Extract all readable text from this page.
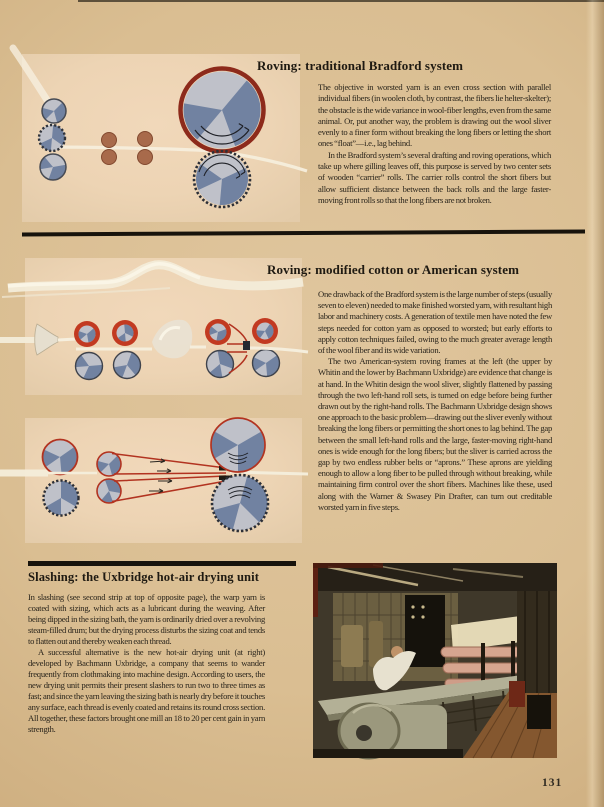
Roving: traditional Bradford system

The objective in worsted yarn is an even cross section with parallel individual fibers (in woolen cloth, by contrast, the fibers lie helter-skelter); the obstacle is the wide variance in wool-fiber lengths, even from the same animal. Or, put another way, the problem is drawing out the wool sliver evenly to a finer form without breaking the long fibers or letting the short ones “float”—i.e., lag behind.

In the Bradford system’s several drafting and roving operations, which take up where gilling leaves off, this purpose is served by two center sets of wooden “carrier” rolls. The carrier rolls control the short fibers but allow sufficient distance between the back rolls and the large faster-moving front rolls so that the long fibers are not broken.

Roving: modified cotton or American system

One drawback of the Bradford system is the large number of steps (usually seven to eleven) needed to make finished worsted yarn, with resultant high labor and machinery costs. A generation of textile men have noted the few steps needed for cotton yarn as opposed to worsted; but early efforts to apply cotton techniques failed, owing to the much greater average length of the wool fiber and its wide variation.

The two American-system roving frames at the left (the upper by Whitin and the lower by Bachmann Uxbridge) are evidence that change is at hand. In the Whitin design the wool sliver, slightly flattened by passing through the two left-hand roll sets, is turned on edge before being further drawn out by the right-hand rolls. The Bachmann Uxbridge design shows one approach to the basic problem—drawing out the sliver evenly without breaking the long fibers or permitting the short ones to lag behind. The gap between the small left-hand rolls and the large, faster-moving right-hand ones is wide enough for the long fibers; but the sliver is carried across the gap by two endless rubber belts or “aprons.” These aprons are yielding enough to allow a long fiber to be pulled through without breaking, while maintaining firm control over the short fibers. Machines like these, used along with the Warner & Swasey Pin Drafter, can turn out creditable worsted yarn in five steps.

Slashing: the Uxbridge hot-air drying unit

In slashing (see second strip at top of opposite page), the warp yarn is coated with sizing, which acts as a lubricant during the weaving. After being dipped in the sizing bath, the yarn is ordinarily dried over a revolving steam-filled drum; but the drying process disturbs the sizing coat and tends to flatten out and thereby weaken each thread.

A successful alternative is the new hot-air drying unit (at right) developed by Bachmann Uxbridge, a company that seems to wander frequently from clothmaking into machine design. According to users, the new drying unit permits their present slashers to run two to three times as fast; and since the yarn leaving the sizing bath is nearly dry before it touches any surface, each thread is evenly coated and retains its round cross section. All together, these factors brought one mill an 18 to 20 per cent gain in yarn strength.

131
